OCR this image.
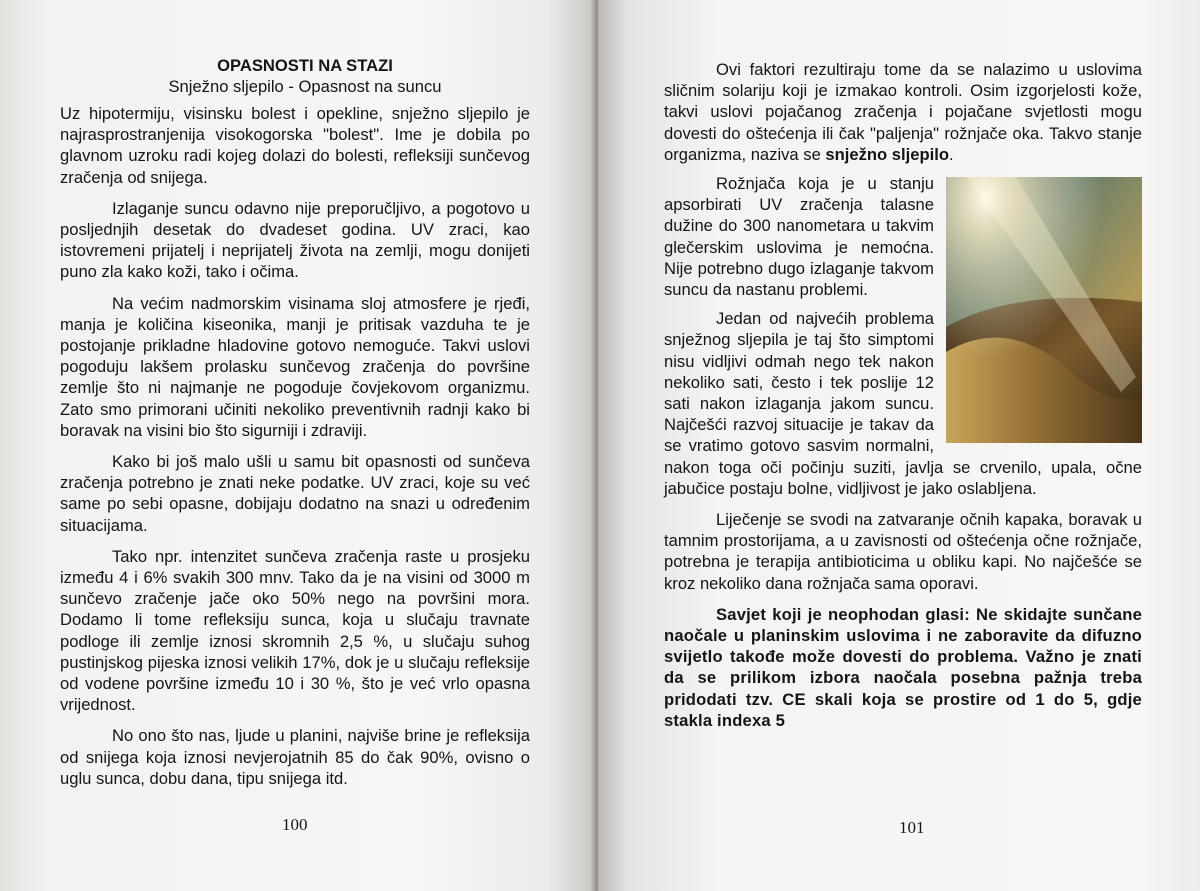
OPASNOSTI NA STAZI
Snježno sljepilo - Opasnost na suncu

Uz hipotermiju, visinsku bolest i opekline, snježno sljepilo je najrasprostranjenija visokogorska "bolest". Ime je dobila po glavnom uzroku radi kojeg dolazi do bolesti, refleksiji sunčevog zračenja od snijega.

Izlaganje suncu odavno nije preporučljivo, a pogotovo u posljednjih desetak do dvadeset godina. UV zraci, kao istovremeni prijatelj i neprijatelj života na zemlji, mogu donijeti puno zla kako koži, tako i očima.

Na većim nadmorskim visinama sloj atmosfere je rjeđi, manja je količina kiseonika, manji je pritisak vazduha te je postojanje prikladne hladovine gotovo nemoguće. Takvi uslovi pogoduju lakšem prolasku sunčevog zračenja do površine zemlje što ni najmanje ne pogoduje čovjekovom organizmu. Zato smo primorani učiniti nekoliko preventivnih radnji kako bi boravak na visini bio što sigurniji i zdraviji.

Kako bi još malo ušli u samu bit opasnosti od sunčeva zračenja potrebno je znati neke podatke. UV zraci, koje su već same po sebi opasne, dobijaju dodatno na snazi u određenim situacijama.

Tako npr. intenzitet sunčeva zračenja raste u prosjeku između 4 i 6% svakih 300 mnv. Tako da je na visini od 3000 m sunčevo zračenje jače oko 50% nego na površini mora. Dodamo li tome refleksiju sunca, koja u slučaju travnate podloge ili zemlje iznosi skromnih 2,5 %, u slučaju suhog pustinjskog pijeska iznosi velikih 17%, dok je u slučaju refleksije od vodene površine između 10 i 30 %, što je već vrlo opasna vrijednost.

No ono što nas, ljude u planini, najviše brine je refleksija od snijega koja iznosi nevjerojatnih 85 do čak 90%, ovisno o uglu sunca, dobu dana, tipu snijega itd.

100

Ovi faktori rezultiraju tome da se nalazimo u uslovima sličnim solariju koji je izmakao kontroli. Osim izgorjelosti kože, takvi uslovi pojačanog zračenja i pojačane svjetlosti mogu dovesti do oštećenja ili čak "paljenja" rožnjače oka. Takvo stanje organizma, naziva se snježno sljepilo.

Rožnjača koja je u stanju apsorbirati UV zračenja talasne dužine do 300 nanometara u takvim glečerskim uslovima je nemoćna. Nije potrebno dugo izlaganje takvom suncu da nastanu problemi.

Jedan od najvećih problema snježnog sljepila je taj što simptomi nisu vidljivi odmah nego tek nakon nekoliko sati, često i tek poslije 12 sati nakon izlaganja jakom suncu. Najčešći razvoj situacije je takav da se vratimo gotovo sasvim normalni, nakon toga oči počinju suziti, javlja se crvenilo, upala, očne jabučice postaju bolne, vidljivost je jako oslabljena.

Liječenje se svodi na zatvaranje očnih kapaka, boravak u tamnim prostorijama, a u zavisnosti od oštećenja očne rožnjače, potrebna je terapija antibioticima u obliku kapi. No najčešće se kroz nekoliko dana rožnjača sama oporavi.

Savjet koji je neophodan glasi: Ne skidajte sunčane naočale u planinskim uslovima i ne zaboravite da difuzno svijetlo takođe može dovesti do problema. Važno je znati da se prilikom izbora naočala posebna pažnja treba pridodati tzv. CE skali koja se prostire od 1 do 5, gdje stakla indexa 5

101
